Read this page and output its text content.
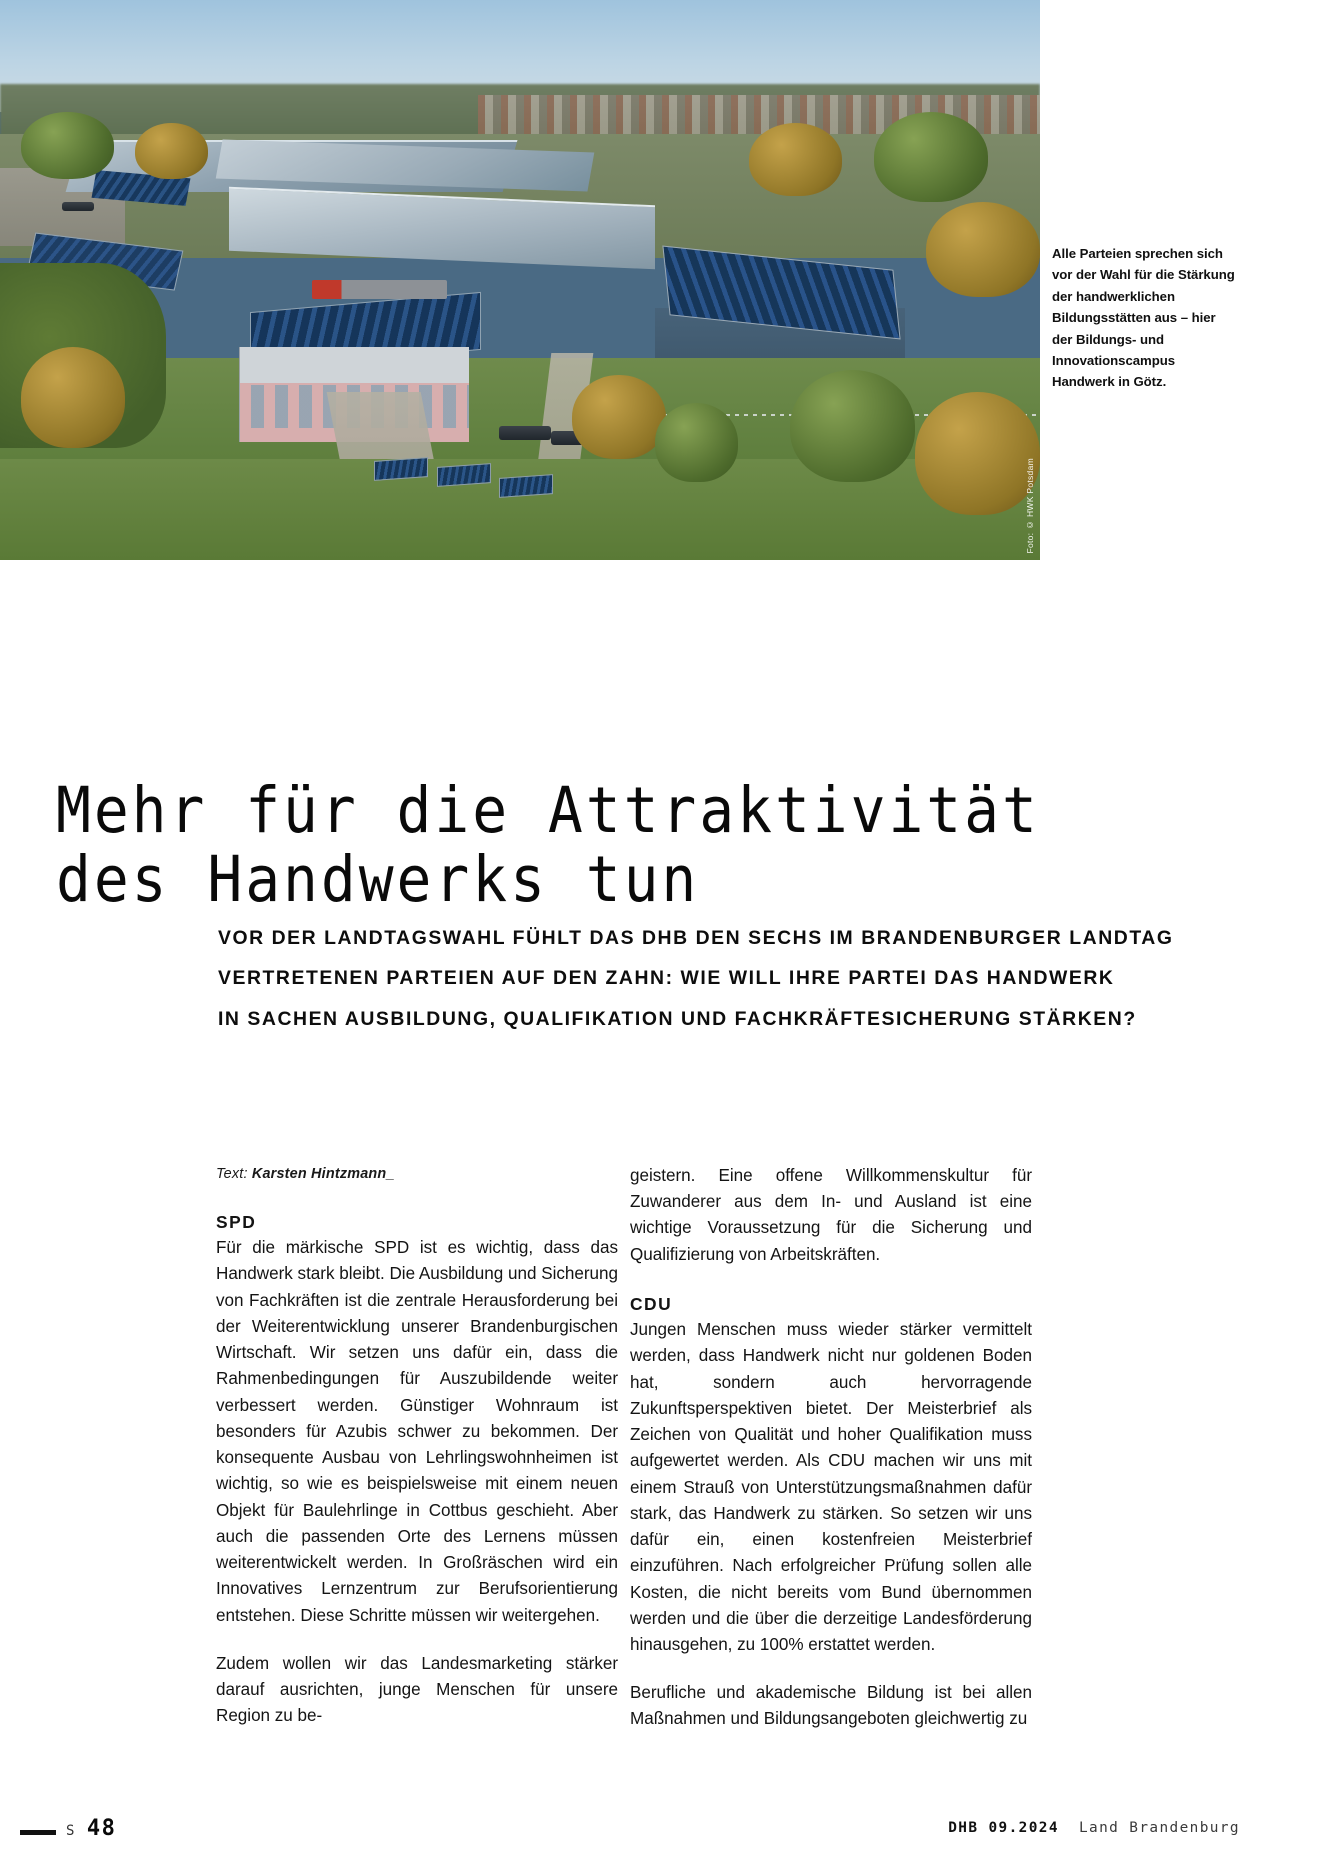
Foto: © HWK Potsdam
Alle Parteien sprechen sich vor der Wahl für die Stärkung der handwerklichen Bildungsstätten aus – hier der Bildungs- und Innovationscampus Handwerk in Götz.
Mehr für die Attraktivität
des Handwerks tun
VOR DER LANDTAGSWAHL FÜHLT DAS DHB DEN SECHS IM BRANDENBURGER LANDTAG
VERTRETENEN PARTEIEN AUF DEN ZAHN: WIE WILL IHRE PARTEI DAS HANDWERK
IN SACHEN AUSBILDUNG, QUALIFIKATION UND FACHKRÄFTESICHERUNG STÄRKEN?
Text: Karsten Hintzmann_

SPD

Für die märkische SPD ist es wichtig, dass das Handwerk stark bleibt. Die Ausbildung und Sicherung von Fachkräften ist die zentrale Herausforderung bei der Weiterentwicklung unserer Brandenburgischen Wirtschaft. Wir setzen uns dafür ein, dass die Rahmenbedingungen für Auszubildende weiter verbessert werden. Günstiger Wohnraum ist besonders für Azubis schwer zu bekommen. Der konsequente Ausbau von Lehrlingswohnheimen ist wichtig, so wie es beispielsweise mit einem neuen Objekt für Baulehrlinge in Cottbus geschieht. Aber auch die passenden Orte des Lernens müssen weiterentwickelt werden. In Großräschen wird ein Innovatives Lernzentrum zur Berufsorientierung entstehen. Diese Schritte müssen wir weitergehen.

Zudem wollen wir das Landesmarketing stärker darauf ausrichten, junge Menschen für unsere Region zu be-

geistern. Eine offene Willkommenskultur für Zuwanderer aus dem In- und Ausland ist eine wichtige Voraussetzung für die Sicherung und Qualifizierung von Arbeitskräften.

CDU

Jungen Menschen muss wieder stärker vermittelt werden, dass Handwerk nicht nur goldenen Boden hat, sondern auch hervorragende Zukunftsperspektiven bietet. Der Meisterbrief als Zeichen von Qualität und hoher Qualifikation muss aufgewertet werden. Als CDU machen wir uns mit einem Strauß von Unterstützungsmaßnahmen dafür stark, das Handwerk zu stärken. So setzen wir uns dafür ein, einen kostenfreien Meisterbrief einzuführen. Nach erfolgreicher Prüfung sollen alle Kosten, die nicht bereits vom Bund übernommen werden und die über die derzeitige Landesförderung hinausgehen, zu 100% erstattet werden.

Berufliche und akademische Bildung ist bei allen Maßnahmen und Bildungsangeboten gleichwertig zu

S 48	DHB 09.2024 Land Brandenburg
